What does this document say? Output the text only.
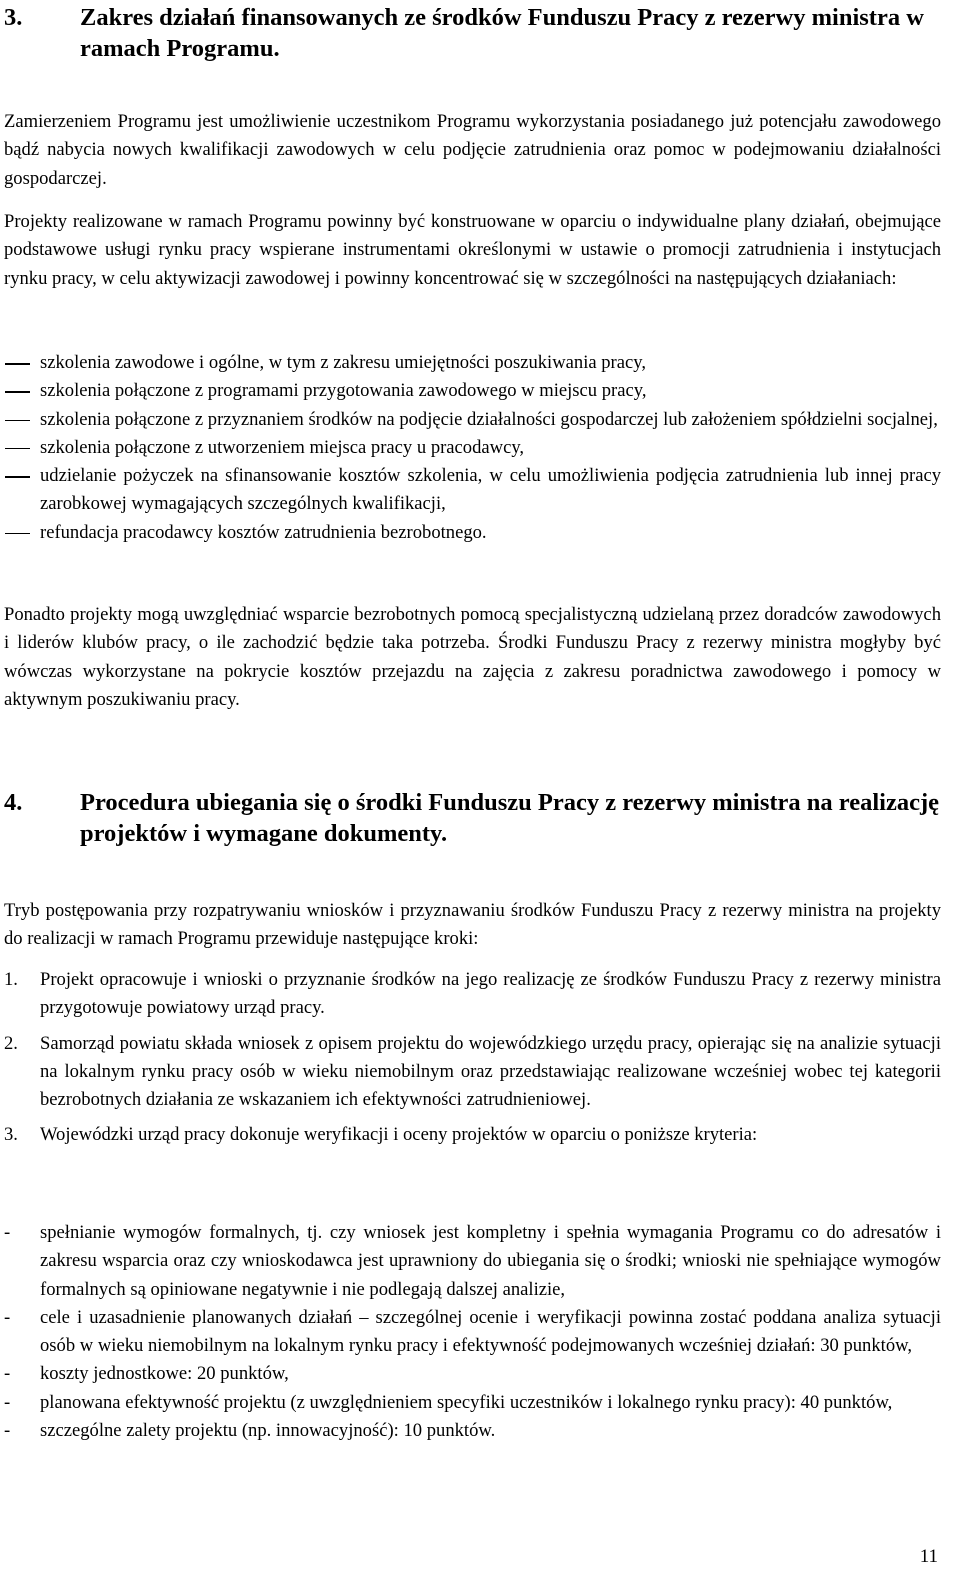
3.	Zakres działań finansowanych ze środków Funduszu Pracy z rezerwy ministra w ramach Programu.
Zamierzeniem Programu jest umożliwienie uczestnikom Programu wykorzystania posiadanego już potencjału zawodowego bądź nabycia nowych kwalifikacji zawodowych w celu podjęcie zatrudnienia oraz pomoc w podejmowaniu działalności gospodarczej.
Projekty realizowane w ramach Programu powinny być konstruowane w oparciu o indywidualne plany działań, obejmujące podstawowe usługi rynku pracy wspierane instrumentami określonymi w ustawie o promocji zatrudnienia i instytucjach rynku pracy, w celu aktywizacji zawodowej i powinny koncentrować się w szczególności na następujących działaniach:
szkolenia zawodowe i ogólne, w tym z zakresu umiejętności poszukiwania pracy,
szkolenia połączone z programami przygotowania zawodowego w miejscu pracy,
szkolenia połączone z przyznaniem środków na podjęcie działalności gospodarczej lub założeniem spółdzielni socjalnej,
szkolenia połączone z utworzeniem miejsca pracy u pracodawcy,
udzielanie pożyczek na sfinansowanie kosztów szkolenia, w celu umożliwienia podjęcia zatrudnienia lub innej pracy zarobkowej wymagających szczególnych kwalifikacji,
refundacja pracodawcy kosztów zatrudnienia bezrobotnego.
Ponadto projekty mogą uwzględniać wsparcie bezrobotnych pomocą specjalistyczną udzielaną przez doradców zawodowych i liderów klubów pracy, o ile zachodzić będzie taka potrzeba. Środki Funduszu Pracy z rezerwy ministra mogłyby być wówczas wykorzystane na pokrycie kosztów przejazdu na zajęcia z zakresu poradnictwa zawodowego i pomocy w aktywnym poszukiwaniu pracy.
4.	Procedura ubiegania się o środki Funduszu Pracy z rezerwy ministra na realizację projektów i wymagane dokumenty.
Tryb postępowania przy rozpatrywaniu wniosków i przyznawaniu środków Funduszu Pracy z rezerwy ministra na projekty do realizacji w ramach Programu przewiduje następujące kroki:
1. Projekt opracowuje i wnioski o przyznanie środków na jego realizację ze środków Funduszu Pracy z rezerwy ministra przygotowuje powiatowy urząd pracy.
2. Samorząd powiatu składa wniosek z opisem projektu do wojewódzkiego urzędu pracy, opierając się na analizie sytuacji na lokalnym rynku pracy osób w wieku niemobilnym oraz przedstawiając realizowane wcześniej wobec tej kategorii bezrobotnych działania ze wskazaniem ich efektywności zatrudnieniowej.
3. Wojewódzki urząd pracy dokonuje weryfikacji i oceny projektów w oparciu o poniższe kryteria:
- spełnianie wymogów formalnych, tj. czy wniosek jest kompletny i spełnia wymagania Programu co do adresatów i zakresu wsparcia oraz czy wnioskodawca jest uprawniony do ubiegania się o środki; wnioski nie spełniające wymogów formalnych są opiniowane negatywnie i nie podlegają dalszej analizie,
- cele i uzasadnienie planowanych działań – szczególnej ocenie i weryfikacji powinna zostać poddana analiza sytuacji osób w wieku niemobilnym na lokalnym rynku pracy i efektywność podejmowanych wcześniej działań: 30 punktów,
- koszty jednostkowe: 20 punktów,
- planowana efektywność projektu (z uwzględnieniem specyfiki uczestników i lokalnego rynku pracy): 40 punktów,
- szczególne zalety projektu (np. innowacyjność): 10 punktów.
11
